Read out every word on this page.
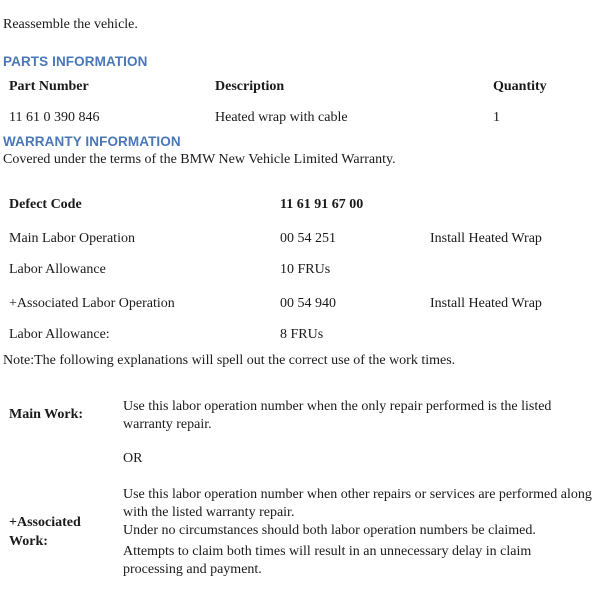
Reassemble the vehicle.
PARTS INFORMATION
Part Number	Description	Quantity
11 61 0 390 846	Heated wrap with cable	1
WARRANTY INFORMATION
Covered under the terms of the BMW New Vehicle Limited Warranty.
Defect Code	11 61 91 67 00
Main Labor Operation	00 54 251	Install Heated Wrap
Labor Allowance	10 FRUs
+Associated Labor Operation	00 54 940	Install Heated Wrap
Labor Allowance:	8 FRUs
Note:The following explanations will spell out the correct use of the work times.
Main Work:
Use this labor operation number when the only repair performed is the listed warranty repair.
OR
+Associated Work:
Use this labor operation number when other repairs or services are performed along with the listed warranty repair.
Under no circumstances should both labor operation numbers be claimed.
Attempts to claim both times will result in an unnecessary delay in claim processing and payment.
